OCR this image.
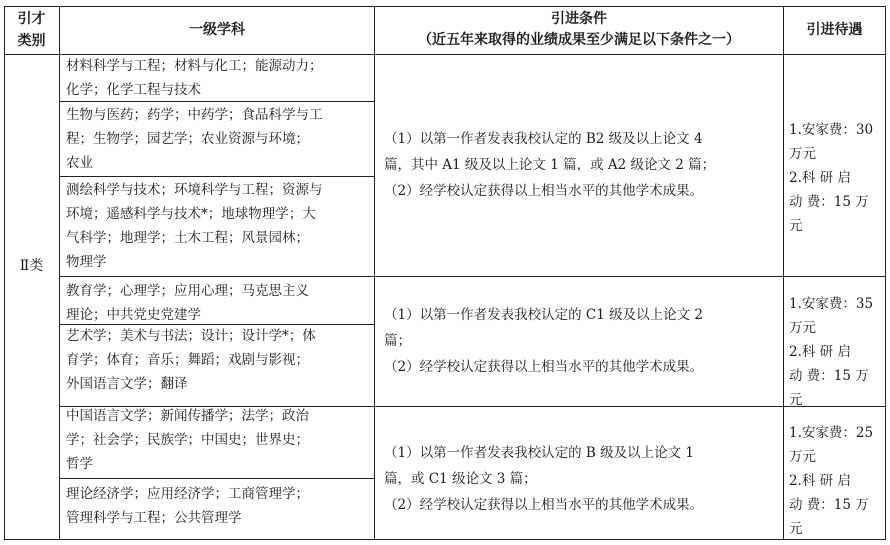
引才
类别
一级学科
引进条件
（近五年来取得的业绩成果至少满足以下条件之一）
引进待遇
Ⅱ类
材料科学与工程；材料与化工；能源动力；
化学；化学工程与技术
生物与医药；药学；中药学；食品科学与工
程；生物学；园艺学；农业资源与环境；
农业
测绘科学与技术；环境科学与工程；资源与
环境；遥感科学与技术*；地球物理学；大
气科学；地理学；土木工程；风景园林；
物理学
（1）以第一作者发表我校认定的 B2 级及以上论文 4
篇，其中 A1 级及以上论文 1 篇，或 A2 级论文 2 篇；
（2）经学校认定获得以上相当水平的其他学术成果。
1.安家费：30
万元
2.科 研 启
动 费：15 万
元
教育学；心理学；应用心理；马克思主义
理论；中共党史党建学
艺术学；美术与书法；设计；设计学*；体
育学；体育；音乐；舞蹈；戏剧与影视；
外国语言文学；翻译
（1）以第一作者发表我校认定的 C1 级及以上论文 2
篇；
（2）经学校认定获得以上相当水平的其他学术成果。
1.安家费：35
万元
2.科 研 启
动 费：15 万
元
中国语言文学；新闻传播学；法学；政治
学；社会学；民族学；中国史；世界史；
哲学
理论经济学；应用经济学；工商管理学；
管理科学与工程；公共管理学
（1）以第一作者发表我校认定的 B 级及以上论文 1
篇，或 C1 级论文 3 篇；
（2）经学校认定获得以上相当水平的其他学术成果。
1.安家费：25
万元
2.科 研 启
动 费：15 万
元
